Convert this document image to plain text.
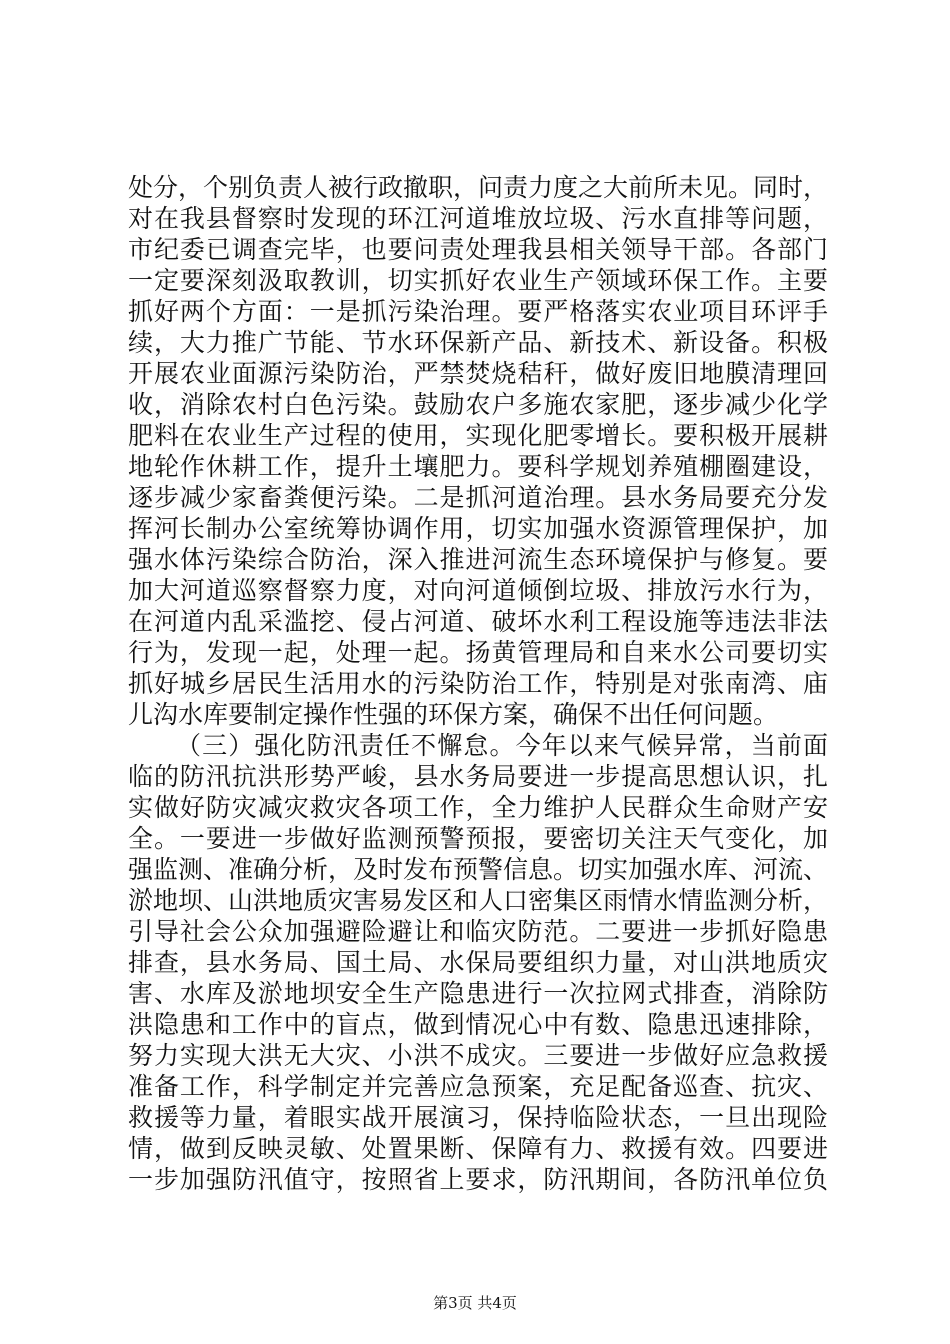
处分，个别负责人被行政撤职，问责力度之大前所未见。同时，
对在我县督察时发现的环江河道堆放垃圾、污水直排等问题，
市纪委已调查完毕，也要问责处理我县相关领导干部。各部门
一定要深刻汲取教训，切实抓好农业生产领域环保工作。主要
抓好两个方面：一是抓污染治理。要严格落实农业项目环评手
续，大力推广节能、节水环保新产品、新技术、新设备。积极
开展农业面源污染防治，严禁焚烧秸秆，做好废旧地膜清理回
收，消除农村白色污染。鼓励农户多施农家肥，逐步减少化学
肥料在农业生产过程的使用，实现化肥零增长。要积极开展耕
地轮作休耕工作，提升土壤肥力。要科学规划养殖棚圈建设，
逐步减少家畜粪便污染。二是抓河道治理。县水务局要充分发
挥河长制办公室统筹协调作用，切实加强水资源管理保护，加
强水体污染综合防治，深入推进河流生态环境保护与修复。要
加大河道巡察督察力度，对向河道倾倒垃圾、排放污水行为，
在河道内乱采滥挖、侵占河道、破坏水利工程设施等违法非法
行为，发现一起，处理一起。扬黄管理局和自来水公司要切实
抓好城乡居民生活用水的污染防治工作，特别是对张南湾、庙
儿沟水库要制定操作性强的环保方案，确保不出任何问题。
（三）强化防汛责任不懈怠。今年以来气候异常，当前面
临的防汛抗洪形势严峻，县水务局要进一步提高思想认识，扎
实做好防灾减灾救灾各项工作，全力维护人民群众生命财产安
全。一要进一步做好监测预警预报，要密切关注天气变化，加
强监测、准确分析，及时发布预警信息。切实加强水库、河流、
淤地坝、山洪地质灾害易发区和人口密集区雨情水情监测分析，
引导社会公众加强避险避让和临灾防范。二要进一步抓好隐患
排查，县水务局、国土局、水保局要组织力量，对山洪地质灾
害、水库及淤地坝安全生产隐患进行一次拉网式排查，消除防
洪隐患和工作中的盲点，做到情况心中有数、隐患迅速排除，
努力实现大洪无大灾、小洪不成灾。三要进一步做好应急救援
准备工作，科学制定并完善应急预案，充足配备巡查、抗灾、
救援等力量，着眼实战开展演习，保持临险状态，一旦出现险
情，做到反映灵敏、处置果断、保障有力、救援有效。四要进
一步加强防汛值守，按照省上要求，防汛期间，各防汛单位负
第3页 共4页
